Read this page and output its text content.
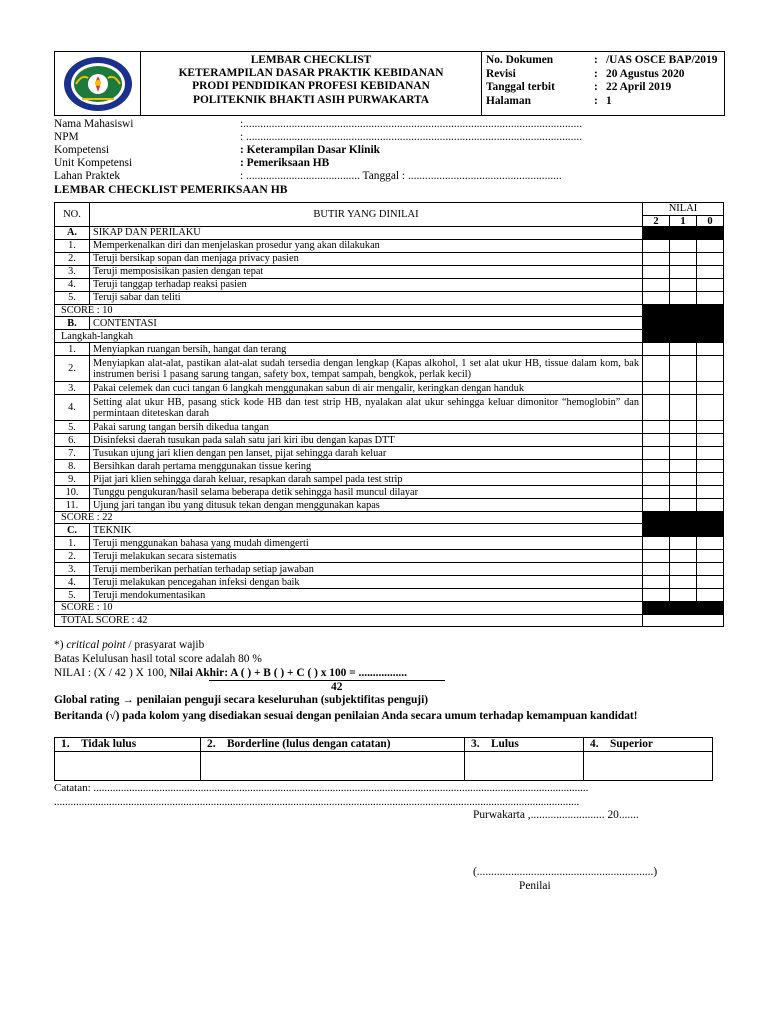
LEMBAR CHECKLIST
KETERAMPILAN DASAR PRAKTIK KEBIDANAN
PRODI PENDIDIKAN PROFESI KEBIDANAN
POLITEKNIK BHAKTI ASIH PURWAKARTA
No. Dokumen	: /UAS OSCE BAP/2019
Revisi	: 20 Agustus 2020
Tanggal terbit	: 22 April 2019
Halaman	: 1
Nama Mahasiswi	:.......................................................................................................................
NPM	: ......................................................................................................................
Kompetensi	: Keterampilan Dasar Klinik
Unit Kompetensi	: Pemeriksaan HB
Lahan Praktek	: ........................................ Tanggal : ......................................................
LEMBAR CHECKLIST PEMERIKSAAN HB
NO.	BUTIR YANG DINILAI	NILAI		
		2	1	0
A.	SIKAP DAN PERILAKU			
1.	Memperkenalkan diri dan menjelaskan prosedur yang akan dilakukan			
2.	Teruji bersikap sopan dan menjaga privacy pasien			
3.	Teruji memposisikan pasien dengan tepat			
4.	Teruji tanggap terhadap reaksi pasien			
5.	Teruji sabar dan teliti			
SCORE : 10				
B.	CONTENTASI			
Langkah-langkah				
1.	Menyiapkan ruangan bersih, hangat dan terang			
2.	Menyiapkan alat-alat, pastikan alat-alat sudah tersedia dengan lengkap (Kapas alkohol, 1 set alat ukur HB, tissue dalam kom, bak instrumen berisi 1 pasang sarung tangan, safety box, tempat sampah, bengkok, perlak kecil)			
3.	Pakai celemek dan cuci tangan 6 langkah menggunakan sabun di air mengalir, keringkan dengan handuk			
4.	Setting alat ukur HB, pasang stick kode HB dan test strip HB, nyalakan alat ukur sehingga keluar dimonitor “hemoglobin” dan permintaan diteteskan darah			
5.	Pakai sarung tangan bersih dikedua tangan			
6.	Disinfeksi daerah tusukan pada salah satu jari kiri ibu dengan kapas DTT			
7.	Tusukan ujung jari klien dengan pen lanset, pijat sehingga darah keluar			
8.	Bersihkan darah pertama menggunakan tissue kering			
9.	Pijat jari klien sehingga darah keluar, resapkan darah sampel pada test strip			
10.	Tunggu pengukuran/hasil selama beberapa detik sehingga hasil muncul dilayar			
11.	Ujung jari tangan ibu yang ditusuk tekan dengan menggunakan kapas			
SCORE : 22				
C.	TEKNIK			
1.	Teruji menggunakan bahasa yang mudah dimengerti			
2.	Teruji melakukan secara sistematis			
3.	Teruji memberikan perhatian terhadap setiap jawaban			
4.	Teruji melakukan pencegahan infeksi dengan baik			
5.	Teruji mendokumentasikan			
SCORE : 10				
TOTAL SCORE : 42				
*) critical point / prasyarat wajib
Batas Kelulusan hasil total score adalah 80 %
NILAI : (X / 42 ) X 100, Nilai Akhir: A ( ) + B ( ) + C ( ) x 100 = .................
42
Global rating → penilaian penguji secara keseluruhan (subjektifitas penguji)
Beritanda (√) pada kolom yang disediakan sesuai dengan penilaian Anda secara umum terhadap kemampuan kandidat!
1. Tidak lulus	2. Borderline (lulus dengan catatan)	3. Lulus	4. Superior

Catatan: ....................................................................................................................................................................................
...............................................................................................................................................................................................
Purwakarta ,.......................... 20.......
(..............................................................)
Penilai
